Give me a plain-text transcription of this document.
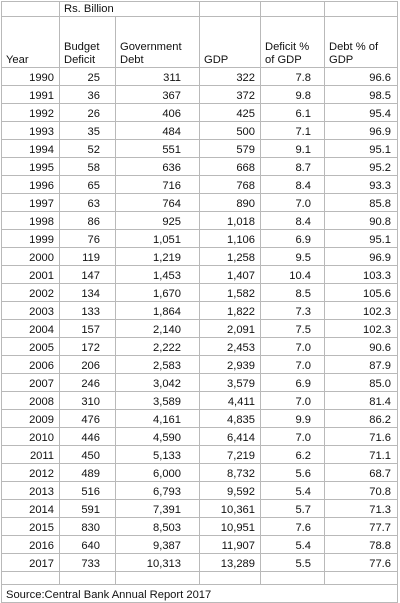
	Rs. Billion				

Year	Budget Deficit	Government Debt	GDP	Deficit % of GDP	Debt % of GDP

1990	25	311	322	7.8	96.6
1991	36	367	372	9.8	98.5
1992	26	406	425	6.1	95.4
1993	35	484	500	7.1	96.9
1994	52	551	579	9.1	95.1
1995	58	636	668	8.7	95.2
1996	65	716	768	8.4	93.3
1997	63	764	890	7.0	85.8
1998	86	925	1,018	8.4	90.8
1999	76	1,051	1,106	6.9	95.1
2000	119	1,219	1,258	9.5	96.9
2001	147	1,453	1,407	10.4	103.3
2002	134	1,670	1,582	8.5	105.6
2003	133	1,864	1,822	7.3	102.3
2004	157	2,140	2,091	7.5	102.3
2005	172	2,222	2,453	7.0	90.6
2006	206	2,583	2,939	7.0	87.9
2007	246	3,042	3,579	6.9	85.0
2008	310	3,589	4,411	7.0	81.4
2009	476	4,161	4,835	9.9	86.2
2010	446	4,590	6,414	7.0	71.6
2011	450	5,133	7,219	6.2	71.1
2012	489	6,000	8,732	5.6	68.7
2013	516	6,793	9,592	5.4	70.8
2014	591	7,391	10,361	5.7	71.3
2015	830	8,503	10,951	7.6	77.7
2016	640	9,387	11,907	5.4	78.8
2017	733	10,313	13,289	5.5	77.6

Source:Central Bank Annual Report 2017					
